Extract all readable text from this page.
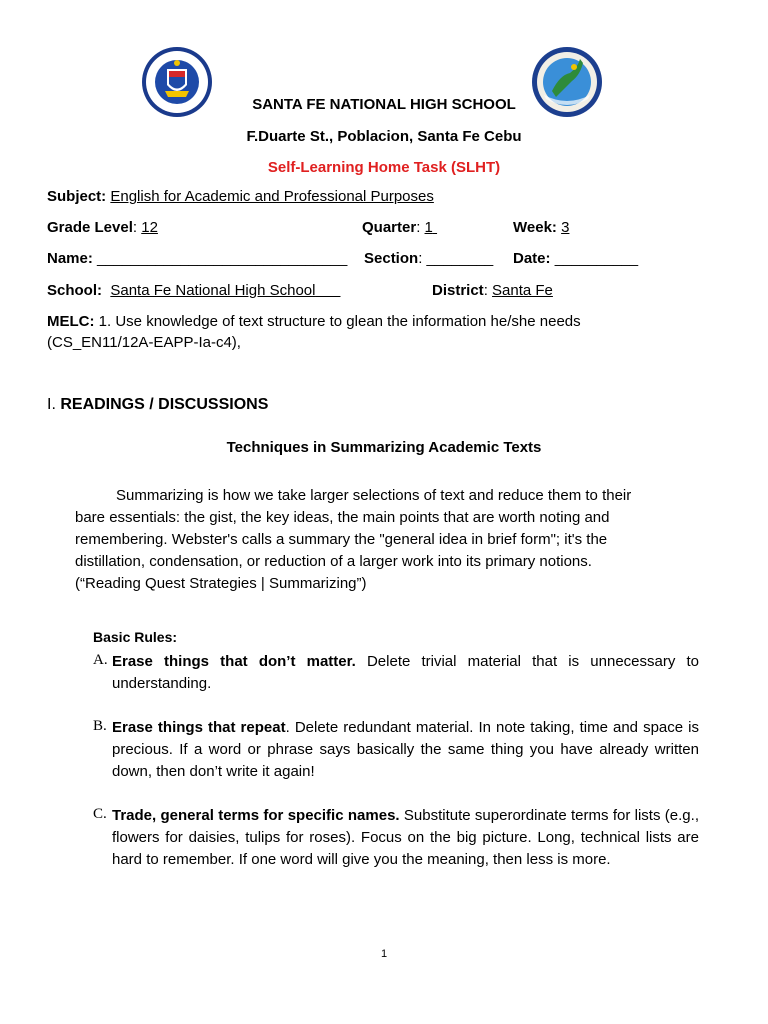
SANTA FE NATIONAL HIGH SCHOOL
F.Duarte St., Poblacion, Santa Fe Cebu
Self-Learning Home Task (SLHT)
Subject: English for Academic and Professional Purposes
Grade Level: 12	Quarter: 1	Week: 3
Name: ______________________________ Section: ________ Date: __________
School: Santa Fe National High School	District: Santa Fe
MELC: 1. Use knowledge of text structure to glean the information he/she needs
(CS_EN11/12A-EAPP-Ia-c4),
I. READINGS / DISCUSSIONS
Techniques in Summarizing Academic Texts
Summarizing is how we take larger selections of text and reduce them to their
bare essentials: the gist, the key ideas, the main points that are worth noting and
remembering. Webster's calls a summary the "general idea in brief form"; it's the
distillation, condensation, or reduction of a larger work into its primary notions.
(“Reading Quest Strategies | Summarizing”)
Basic Rules:
A. Erase things that don’t matter. Delete trivial material that is unnecessary to understanding.
B. Erase things that repeat. Delete redundant material. In note taking, time and space is precious. If a word or phrase says basically the same thing you have already written down, then don’t write it again!
C. Trade, general terms for specific names. Substitute superordinate terms for lists (e.g., flowers for daisies, tulips for roses). Focus on the big picture. Long, technical lists are hard to remember. If one word will give you the meaning, then less is more.
1
